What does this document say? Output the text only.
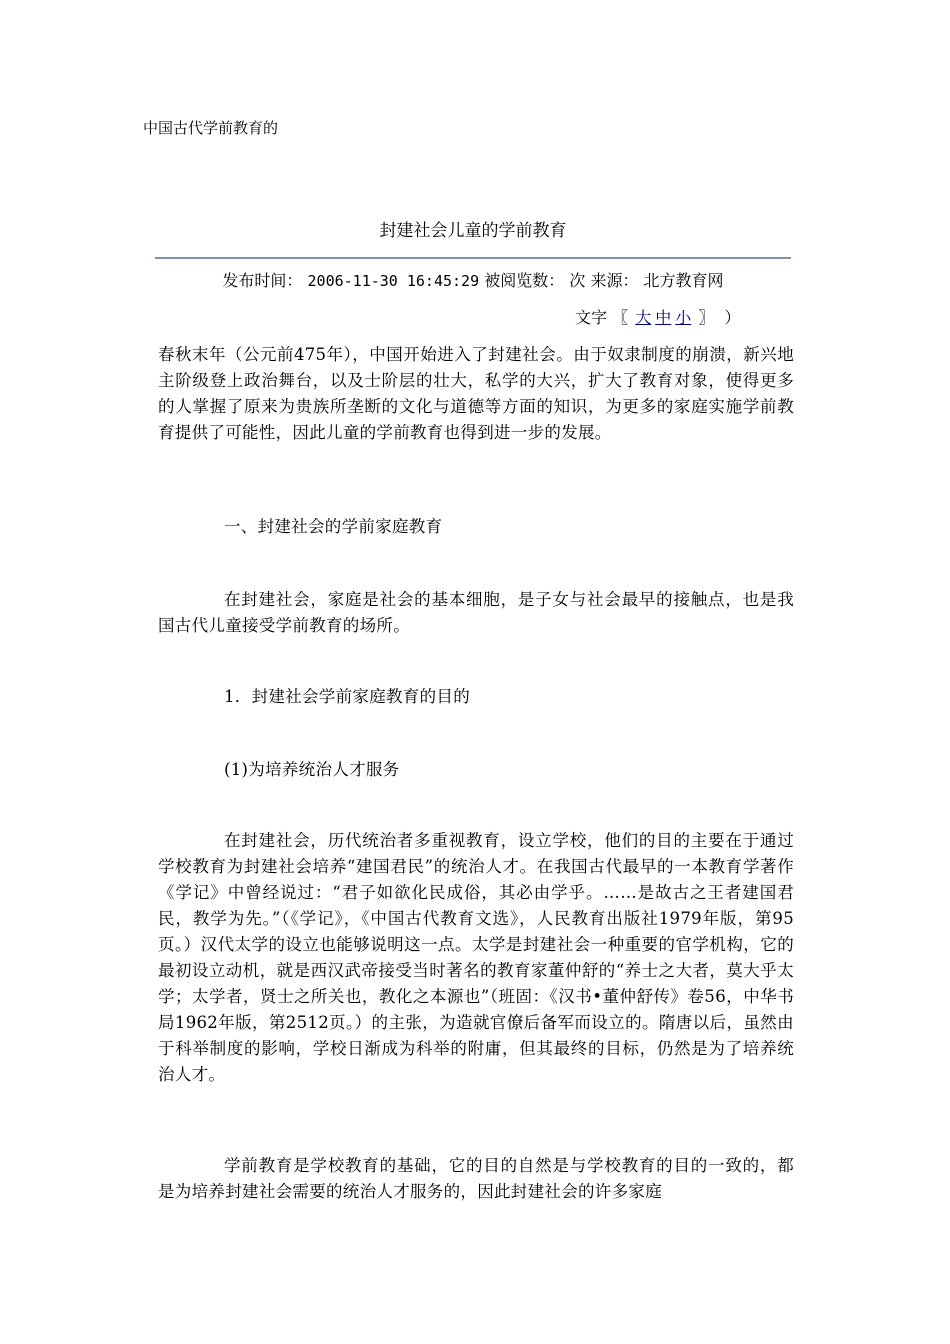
中国古代学前教育的
封建社会儿童的学前教育
发布时间： 2006-11-30 16:45:29 被阅览数： 次 来源： 北方教育网
文字 〖 大 中 小 〗 ）
春秋末年（公元前475年），中国开始进入了封建社会。由于奴隶制度的崩溃，新兴地主阶级登上政治舞台，以及士阶层的壮大，私学的大兴，扩大了教育对象，使得更多的人掌握了原来为贵族所垄断的文化与道德等方面的知识，为更多的家庭实施学前教育提供了可能性，因此儿童的学前教育也得到进一步的发展。
一、封建社会的学前家庭教育
在封建社会，家庭是社会的基本细胞，是子女与社会最早的接触点，也是我国古代儿童接受学前教育的场所。
1．封建社会学前家庭教育的目的
(1)为培养统治人才服务
在封建社会，历代统治者多重视教育，设立学校，他们的目的主要在于通过学校教育为封建社会培养“建国君民”的统治人才。在我国古代最早的一本教育学著作《学记》中曾经说过：“君子如欲化民成俗，其必由学乎。……是故古之王者建国君民，教学为先。”（《学记》，《中国古代教育文选》，人民教育出版社1979年版，第95页。）汉代太学的设立也能够说明这一点。太学是封建社会一种重要的官学机构，它的最初设立动机，就是西汉武帝接受当时著名的教育家董仲舒的“养士之大者，莫大乎太学；太学者，贤士之所关也，教化之本源也”（班固：《汉书•董仲舒传》卷56，中华书局1962年版，第2512页。）的主张，为造就官僚后备军而设立的。隋唐以后，虽然由于科举制度的影响，学校日渐成为科举的附庸，但其最终的目标，仍然是为了培养统治人才。
学前教育是学校教育的基础，它的目的自然是与学校教育的目的一致的，都是为培养封建社会需要的统治人才服务的，因此封建社会的许多家庭
